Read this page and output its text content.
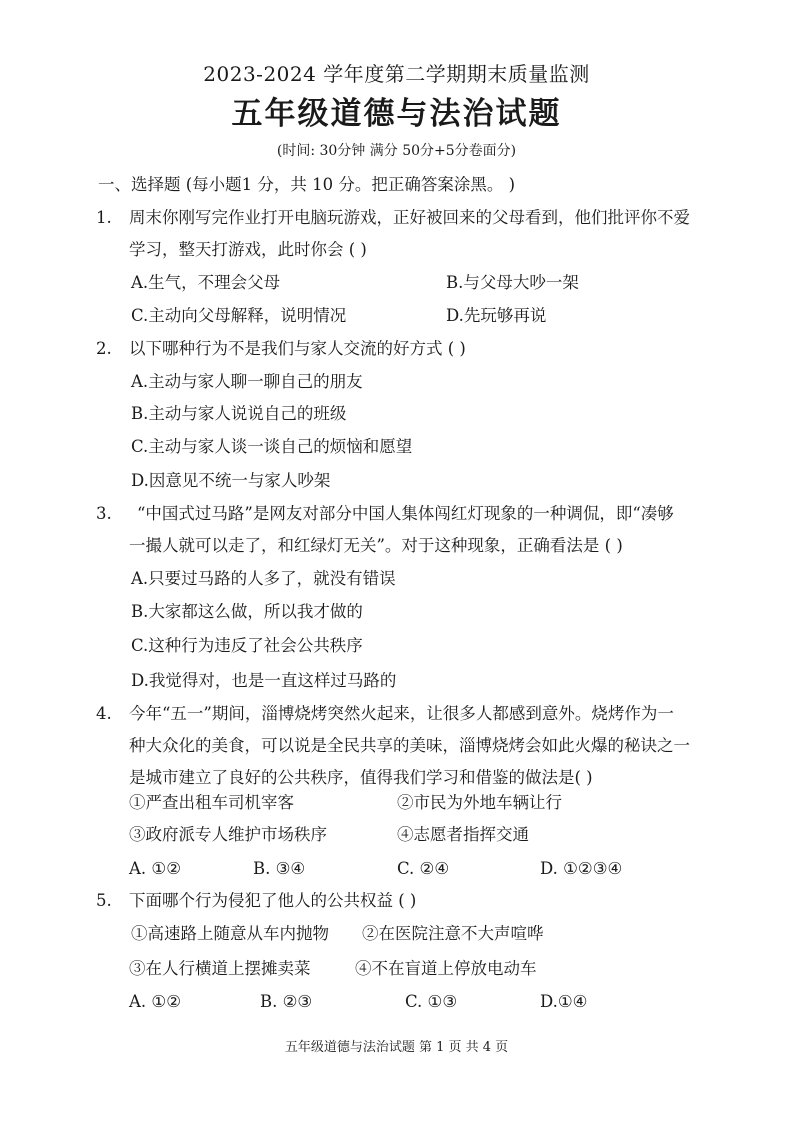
2023-2024 学年度第二学期期末质量监测
五年级道德与法治试题
(时间: 30分钟 满分 50分+5分卷面分)
一、选择题 (每小题1 分，共 10 分。把正确答案涂黑。 )
1. 周末你刚写完作业打开电脑玩游戏，正好被回来的父母看到，他们批评你不爱
学习，整天打游戏，此时你会 ( )
A.生气，不理会父母	B.与父母大吵一架
C.主动向父母解释，说明情况	D.先玩够再说
2. 以下哪种行为不是我们与家人交流的好方式 ( )
A.主动与家人聊一聊自己的朋友
B.主动与家人说说自己的班级
C.主动与家人谈一谈自己的烦恼和愿望
D.因意见不统一与家人吵架
3. “中国式过马路”是网友对部分中国人集体闯红灯现象的一种调侃，即“凑够
一撮人就可以走了，和红绿灯无关”。对于这种现象，正确看法是 ( )
A.只要过马路的人多了，就没有错误
B.大家都这么做，所以我才做的
C.这种行为违反了社会公共秩序
D.我觉得对，也是一直这样过马路的
4. 今年“五一”期间，淄博烧烤突然火起来，让很多人都感到意外。烧烤作为一
种大众化的美食，可以说是全民共享的美味，淄博烧烤会如此火爆的秘诀之一
是城市建立了良好的公共秩序，值得我们学习和借鉴的做法是( )
①严查出租车司机宰客	②市民为外地车辆让行
③政府派专人维护市场秩序	④志愿者指挥交通
A. ①②	B. ③④	C. ②④	D. ①②③④
5. 下面哪个行为侵犯了他人的公共权益 ( )
①高速路上随意从车内抛物 ②在医院注意不大声喧哗
③在人行横道上摆摊卖菜	④不在盲道上停放电动车
A. ①②	B. ②③	C. ①③	D.①④
五年级道德与法治试题 第 1 页 共 4 页
